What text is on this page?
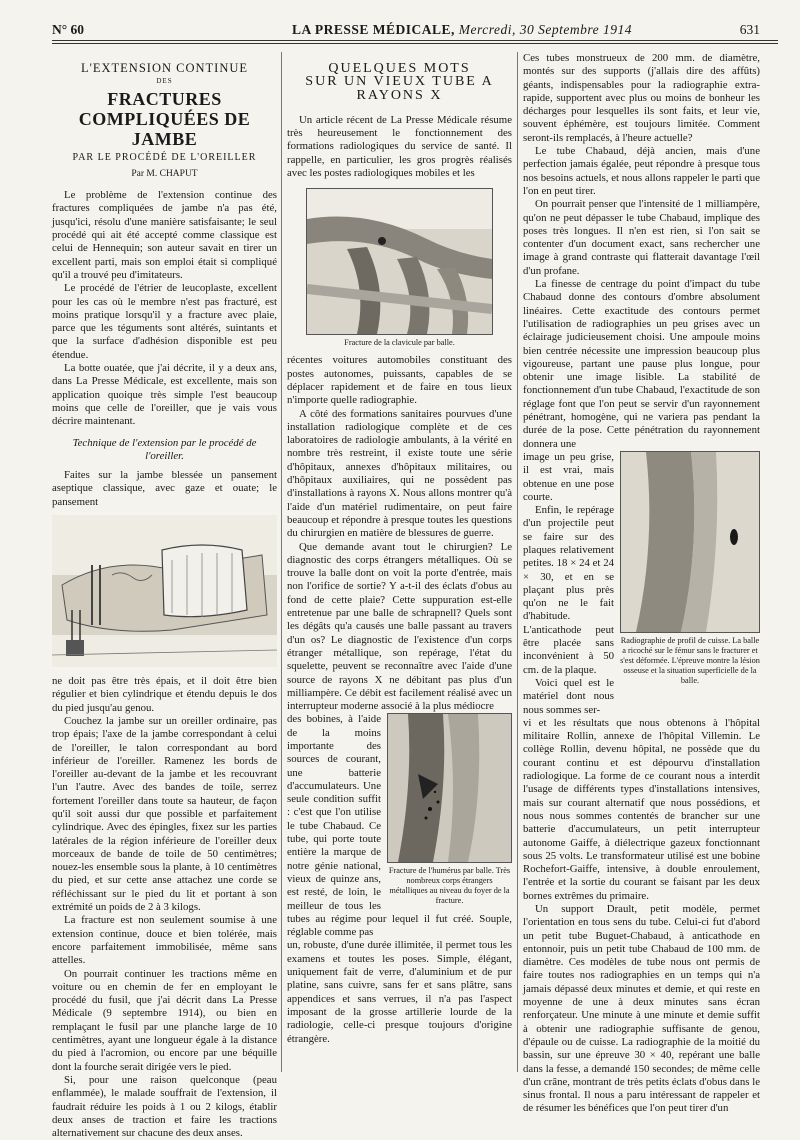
N° 60	LA PRESSE MÉDICALE, Mercredi, 30 Septembre 1914	631
L'EXTENSION CONTINUE
DES
FRACTURES COMPLIQUÉES DE JAMBE
PAR LE PROCÉDÉ DE L'OREILLER
Par M. CHAPUT

Le problème de l'extension continue des fractures compliquées de jambe n'a pas été, jusqu'ici, résolu d'une manière satisfaisante; le seul procédé qui ait été accepté comme classique est celui de Hennequin; son auteur savait en tirer un excellent parti, mais son emploi était si compliqué qu'il a trouvé peu d'imitateurs.

Le procédé de l'étrier de leucoplaste, excellent pour les cas où le membre n'est pas fracturé, est moins pratique lorsqu'il y a fracture avec plaie, parce que les téguments sont altérés, suintants et que la surface d'adhésion disponible est peu étendue.

La botte ouatée, que j'ai décrite, il y a deux ans, dans La Presse Médicale, est excellente, mais son application quoique très simple l'est beaucoup moins que celle de l'oreiller, que je vais vous décrire maintenant.

Technique de l'extension par le procédé de l'oreiller.

Faites sur la jambe blessée un pansement aseptique classique, avec gaze et ouate; le pansement

ne doit pas être très épais, et il doit être bien régulier et bien cylindrique et étendu depuis le dos du pied jusqu'au genou.

Couchez la jambe sur un oreiller ordinaire, pas trop épais; l'axe de la jambe correspondant à celui de l'oreiller, le talon correspondant au bord inférieur de l'oreiller. Ramenez les bords de l'oreiller au-devant de la jambe et les recouvrant l'un l'autre. Avec des bandes de toile, serrez fortement l'oreiller dans toute sa hauteur, de façon qu'il soit aussi dur que possible et parfaitement cylindrique. Avec des épingles, fixez sur les parties latérales de la région inférieure de l'oreiller deux morceaux de bande de toile de 50 centimètres; nouez-les ensemble sous la plante, à 10 centimètres du pied, et sur cette anse attachez une corde se réfléchissant sur le pied du lit et portant à son extrémité un poids de 2 à 3 kilogs.

La fracture est non seulement soumise à une extension continue, douce et bien tolérée, mais encore parfaitement immobilisée, même sans attelles.

On pourrait continuer les tractions même en voiture ou en chemin de fer en employant le procédé du fusil, que j'ai décrit dans La Presse Médicale (9 septembre 1914), ou bien en remplaçant le fusil par une planche large de 10 centimètres, ayant une longueur égale à la distance du pied à l'acromion, ou encore par une béquille dont la fourche serait dirigée vers le pied.

Si, pour une raison quelconque (peau enflammée), le malade souffrait de l'extension, il faudrait réduire les poids à 1 ou 2 kilogs, établir deux anses de traction et faire les tractions alternativement sur chacune des deux anses.

QUELQUES MOTS
SUR UN VIEUX TUBE A RAYONS X

Un article récent de La Presse Médicale résume très heureusement le fonctionnement des formations radiologiques du service de santé. Il rappelle, en particulier, les gros progrès réalisés avec les postes radiologiques mobiles et les

Fracture de la clavicule par balle.

récentes voitures automobiles constituant des postes autonomes, puissants, capables de se déplacer rapidement et de faire en tous lieux n'importe quelle radiographie.

A côté des formations sanitaires pourvues d'une installation radiologique complète et de ces laboratoires de radiologie ambulants, à la vérité en nombre très restreint, il existe toute une série d'hôpitaux, annexes d'hôpitaux militaires, ou d'hôpitaux auxiliaires, qui ne possèdent pas d'installations à rayons X. Nous allons montrer qu'à l'aide d'un matériel rudimentaire, on peut faire beaucoup et répondre à presque toutes les questions du chirurgien en matière de blessures de guerre.

Que demande avant tout le chirurgien? Le diagnostic des corps étrangers métalliques. Où se trouve la balle dont on voit la porte d'entrée, mais non l'orifice de sortie? Y a-t-il des éclats d'obus au fond de cette plaie? Cette suppuration est-elle entretenue par une balle de schrapnell? Quels sont les dégâts qu'a causés une balle passant au travers d'un os? Le diagnostic de l'existence d'un corps étranger métallique, son repérage, l'état du squelette, peuvent se reconnaître avec l'aide d'une source de rayons X ne débitant pas plus d'un milliampère. Ce débit est facilement réalisé avec un interrupteur moderne associé à la plus médiocre

Fracture de l'humérus par balle. Très nombreux corps étrangers métalliques au niveau du foyer de la fracture.

des bobines, à l'aide de la moins importante des sources de courant, une batterie d'accumulateurs. Une seule condition suffit : c'est que l'on utilise le tube Chabaud. Ce tube, qui porte toute entière la marque de notre génie national, vieux de quinze ans, est resté, de loin, le meilleur de tous les tubes au régime pour lequel il fut créé. Souple, réglable comme pas

un, robuste, d'une durée illimitée, il permet tous les examens et toutes les poses. Simple, élégant, uniquement fait de verre, d'aluminium et de pur platine, sans cuivre, sans fer et sans plâtre, sans appendices et sans verrues, il n'a pas l'aspect imposant de la grosse artillerie lourde de la radiologie, celle-ci presque toujours d'origine étrangère.

Ces tubes monstrueux de 200 mm. de diamètre, montés sur des supports (j'allais dire des affûts) géants, indispensables pour la radiographie extra-rapide, supportent avec plus ou moins de bonheur les décharges pour lesquelles ils sont faits, et leur vie, souvent éphémère, est toujours limitée. Comment seront-ils remplacés, à l'heure actuelle?

Le tube Chabaud, déjà ancien, mais d'une perfection jamais égalée, peut répondre à presque tous nos besoins actuels, et nous allons rappeler le parti que l'on en peut tirer.

On pourrait penser que l'intensité de 1 milliampère, qu'on ne peut dépasser le tube Chabaud, implique des poses très longues. Il n'en est rien, si l'on sait se contenter d'un document exact, sans rechercher une image à grand contraste qui flatterait davantage l'œil d'un profane.

La finesse de centrage du point d'impact du tube Chabaud donne des contours d'ombre absolument linéaires. Cette exactitude des contours permet l'utilisation de radiographies un peu grises avec un éclairage judicieusement choisi. Une ampoule moins bien centrée nécessite une impression beaucoup plus vigoureuse, partant une pause plus longue, pour obtenir une image lisible. La stabilité de fonctionnement d'un tube Chabaud, l'exactitude de son réglage font que l'on peut se servir d'un rayonnement pénétrant, homogène, qui ne variera pas pendant la durée de la pose. Cette pénétration du rayonnement donnera une

Radiographie de profil de cuisse. La balle a ricoché sur le fémur sans le fracturer et s'est déformée. L'épreuve montre la lésion osseuse et la situation superficielle de la balle.

image un peu grise, il est vrai, mais obtenue en une pose courte.

Enfin, le repérage d'un projectile peut se faire sur des plaques relativement petites. 18 × 24 et 24 × 30, et en se plaçant plus près qu'on ne le fait d'habitude. L'anticathode peut être placée sans inconvénient à 50 cm. de la plaque.

Voici quel est le matériel dont nous nous sommes ser-

vi et les résultats que nous obtenons à l'hôpital militaire Rollin, annexe de l'hôpital Villemin. Le collège Rollin, devenu hôpital, ne possède que du courant continu et est dépourvu d'installation radiologique. La forme de ce courant nous a interdit l'usage de différents types d'installations intensives, mais sur courant alternatif que nous possédions, et nous nous sommes contentés de brancher sur une batterie d'accumulateurs, un petit interrupteur autonome Gaiffe, à diélectrique gazeux fonctionnant sous 25 volts. Le transformateur utilisé est une bobine Rochefort-Gaiffe, intensive, à double enroulement, l'entrée et la sortie du courant se faisant par les deux bornes extrêmes du primaire.

Un support Drault, petit modèle, permet l'orientation en tous sens du tube. Celui-ci fut d'abord un petit tube Buguet-Chabaud, à anticathode en entonnoir, puis un petit tube Chabaud de 100 mm. de diamètre. Ces modèles de tube nous ont permis de faire toutes nos radiographies en un temps qui n'a jamais dépassé deux minutes et demie, et qui reste en moyenne de une à deux minutes sans écran renforçateur. Une minute à une minute et demie suffit à obtenir une radiographie suffisante de genou, d'épaule ou de cuisse. La radiographie de la moitié du bassin, sur une épreuve 30 × 40, repérant une balle dans la fesse, a demandé 150 secondes; de même celle d'un crâne, montrant de très petits éclats d'obus dans le sinus frontal. Il nous a paru intéressant de rappeler et de résumer les bénéfices que l'on peut tirer d'un
